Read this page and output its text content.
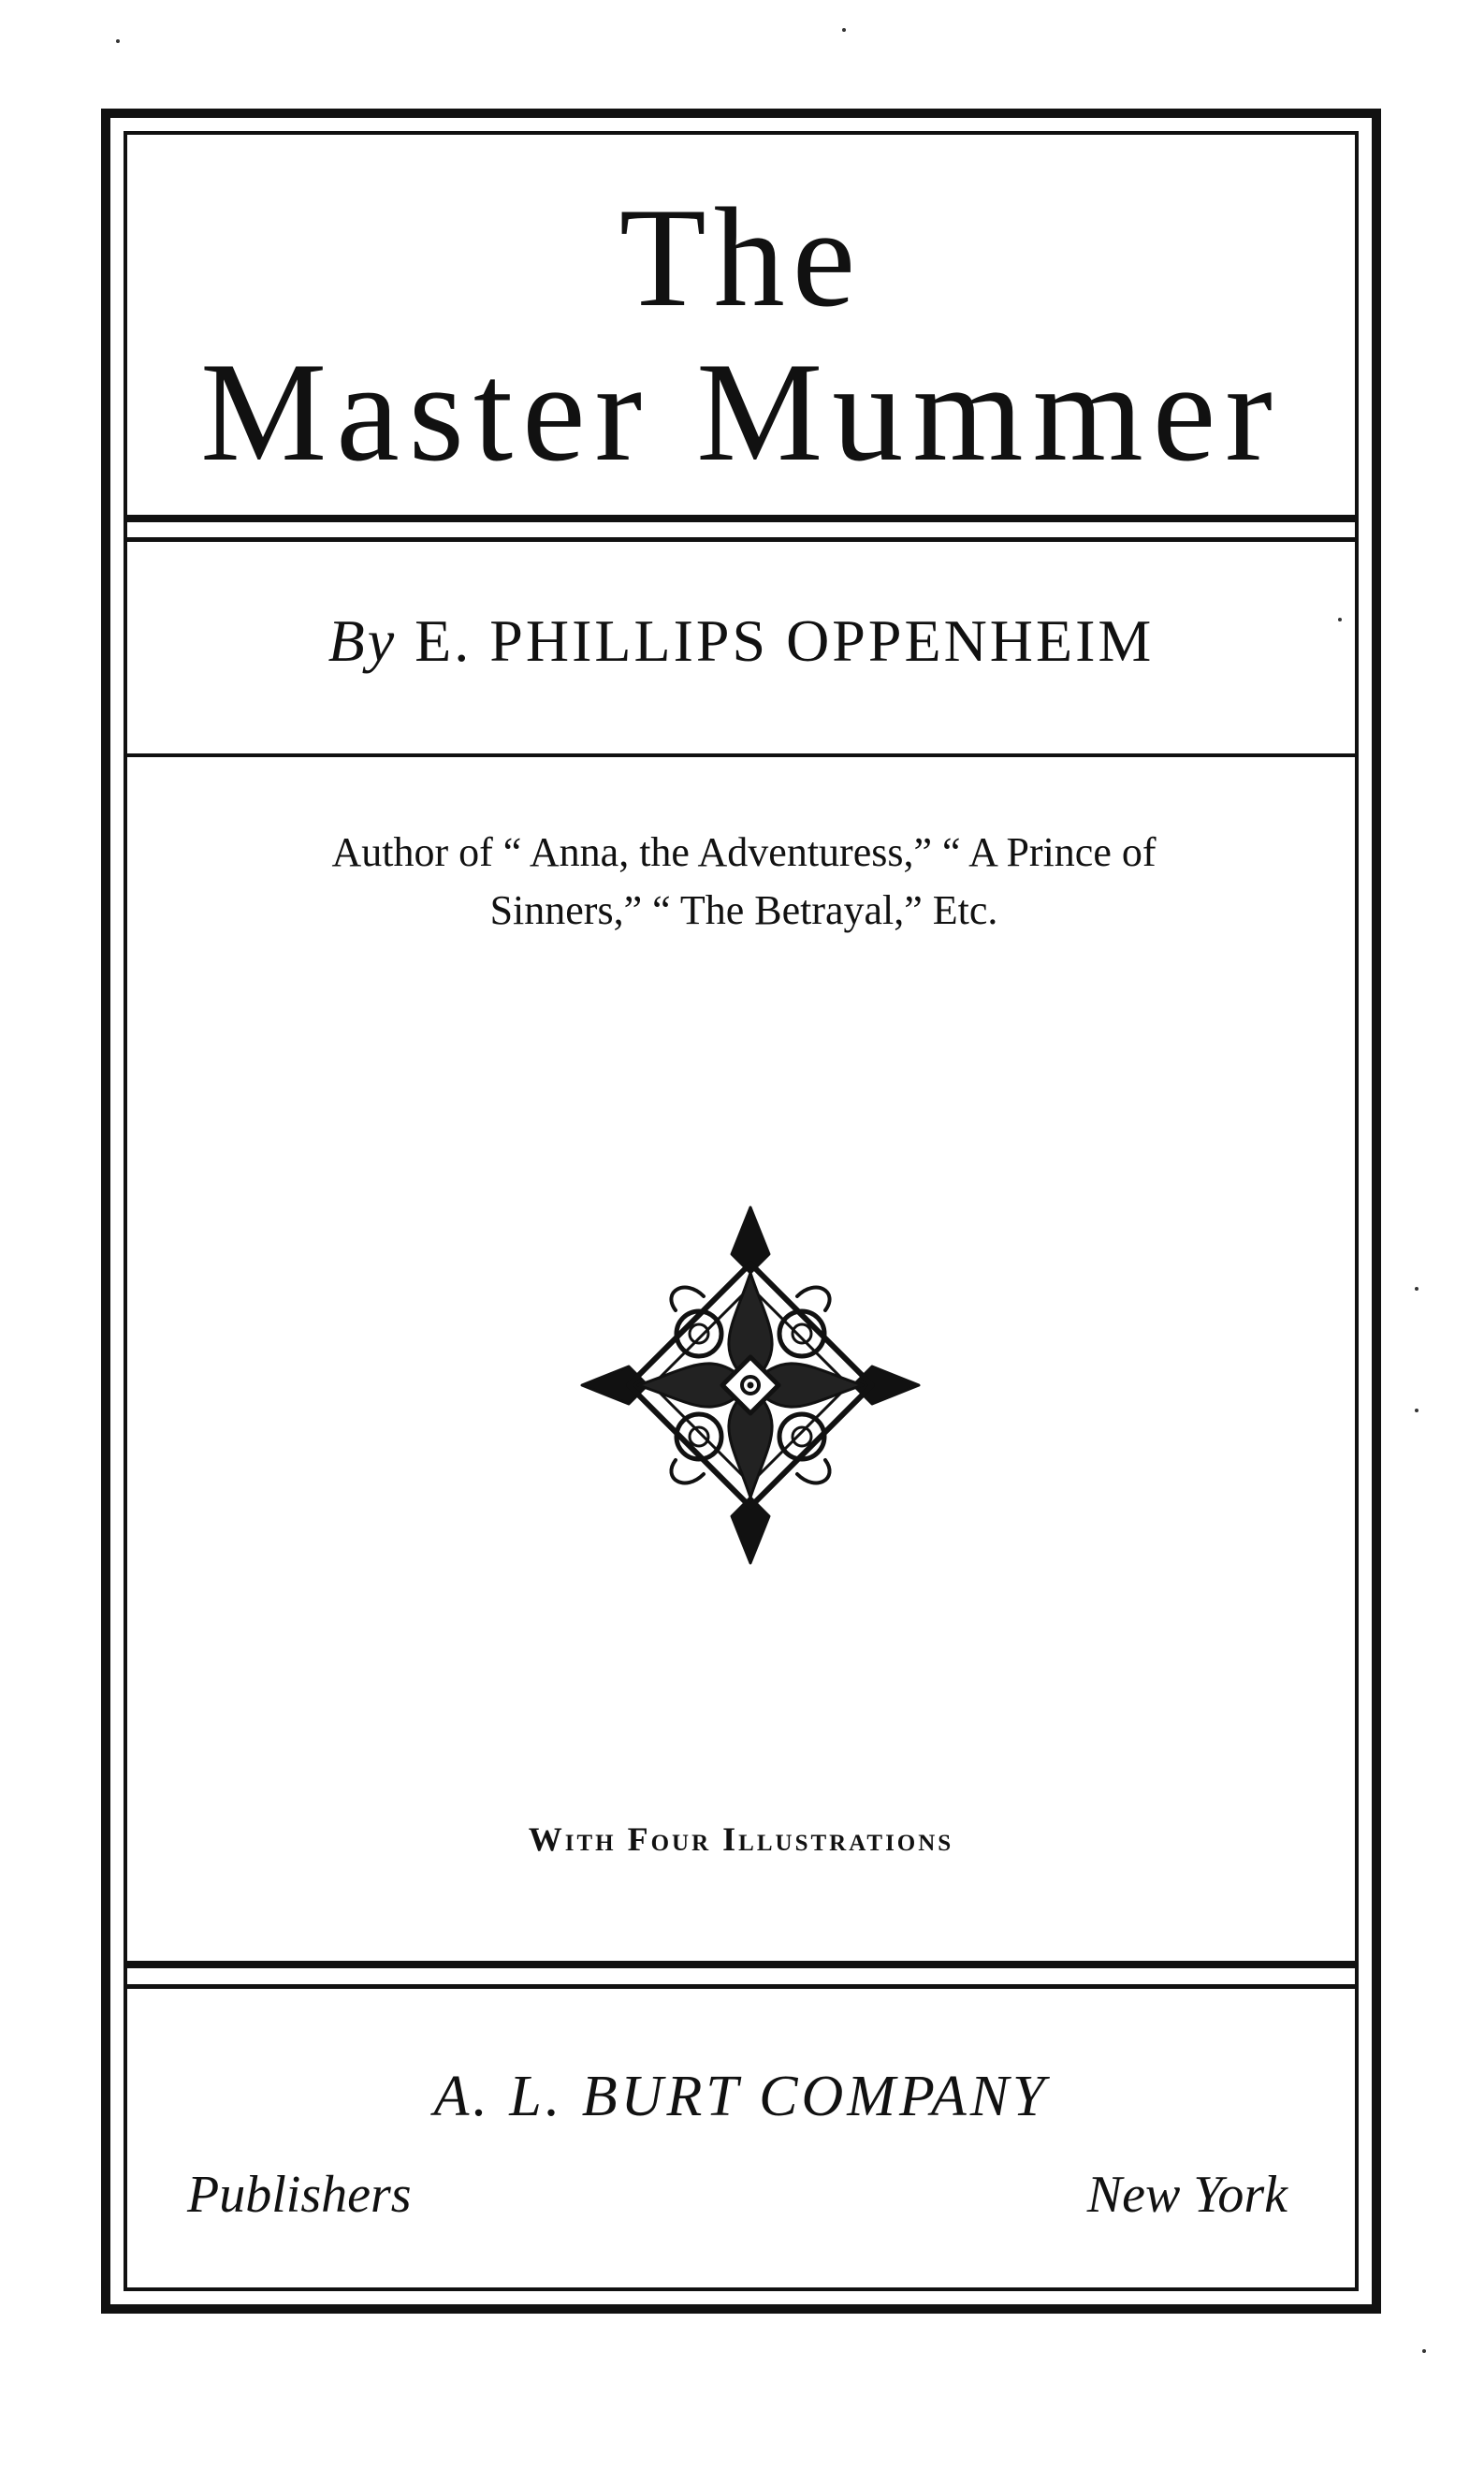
The
Master Mummer
By E. PHILLIPS OPPENHEIM
Author of “ Anna, the Adventuress,” “ A Prince of
Sinners,” “ The Betrayal,” Etc.
With Four Illustrations
A. L. BURT COMPANY
Publishers	New York
